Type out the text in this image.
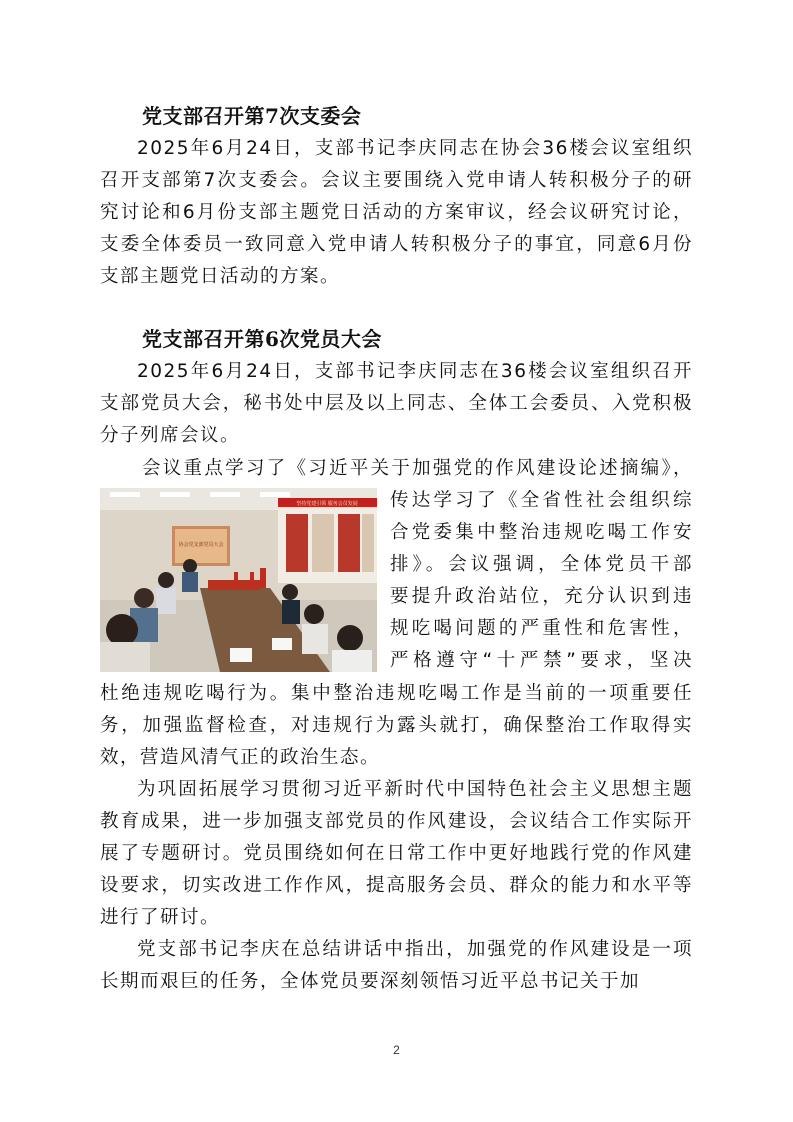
党支部召开第7次支委会

2025年6月24日，支部书记李庆同志在协会36楼会议室组织召开支部第7次支委会。会议主要围绕入党申请人转积极分子的研究讨论和6月份支部主题党日活动的方案审议，经会议研究讨论，支委全体委员一致同意入党申请人转积极分子的事宜，同意6月份支部主题党日活动的方案。

党支部召开第6次党员大会

2025年6月24日，支部书记李庆同志在36楼会议室组织召开支部党员大会，秘书处中层及以上同志、全体工会委员、入党积极分子列席会议。

会议重点学习了《习近平关于加强党的作风建设论述摘编》，
协会党支部党员大会
坚持党建引领 服务会员发展 传达学习了《全省性社会组织综
合党委集中整治违规吃喝工作安
排》。会议强调，全体党员干部
要提升政治站位，充分认识到违
规吃喝问题的严重性和危害性，
严格遵守“十严禁”要求，坚决

杜绝违规吃喝行为。集中整治违规吃喝工作是当前的一项重要任务，加强监督检查，对违规行为露头就打，确保整治工作取得实效，营造风清气正的政治生态。

为巩固拓展学习贯彻习近平新时代中国特色社会主义思想主题教育成果，进一步加强支部党员的作风建设，会议结合工作实际开展了专题研讨。党员围绕如何在日常工作中更好地践行党的作风建设要求，切实改进工作作风，提高服务会员、群众的能力和水平等进行了研讨。

党支部书记李庆在总结讲话中指出，加强党的作风建设是一项长期而艰巨的任务，全体党员要深刻领悟习近平总书记关于加

2
